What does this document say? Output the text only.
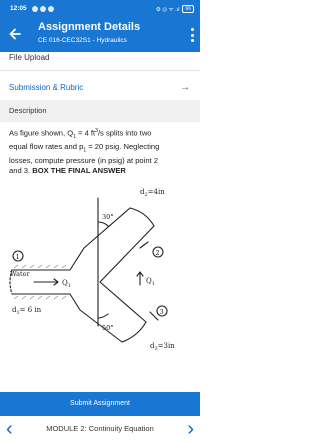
12:05	⚙ ◎ ᯤ .ıl	66
Assignment Details
CE 016-CEC32S1 - Hydraulics
File Upload
Submission & Rubric	→
Description
As figure shown, $Q_1 = 4$ $ft^3/s$ splits into two
equal flow rates and $p_1 = 20$ psig. Neglecting
losses, compute pressure (in psig) at point 2
and 3. BOX THE FINAL ANSWER
1	2
3
$d_2=4in$
30°
Water
$Q_1$
$Q_1$
$d_1= 6$ in
50°
$d_3=3in$
Submit Assignment
‹	MODULE 2: Continuity Equation	›
